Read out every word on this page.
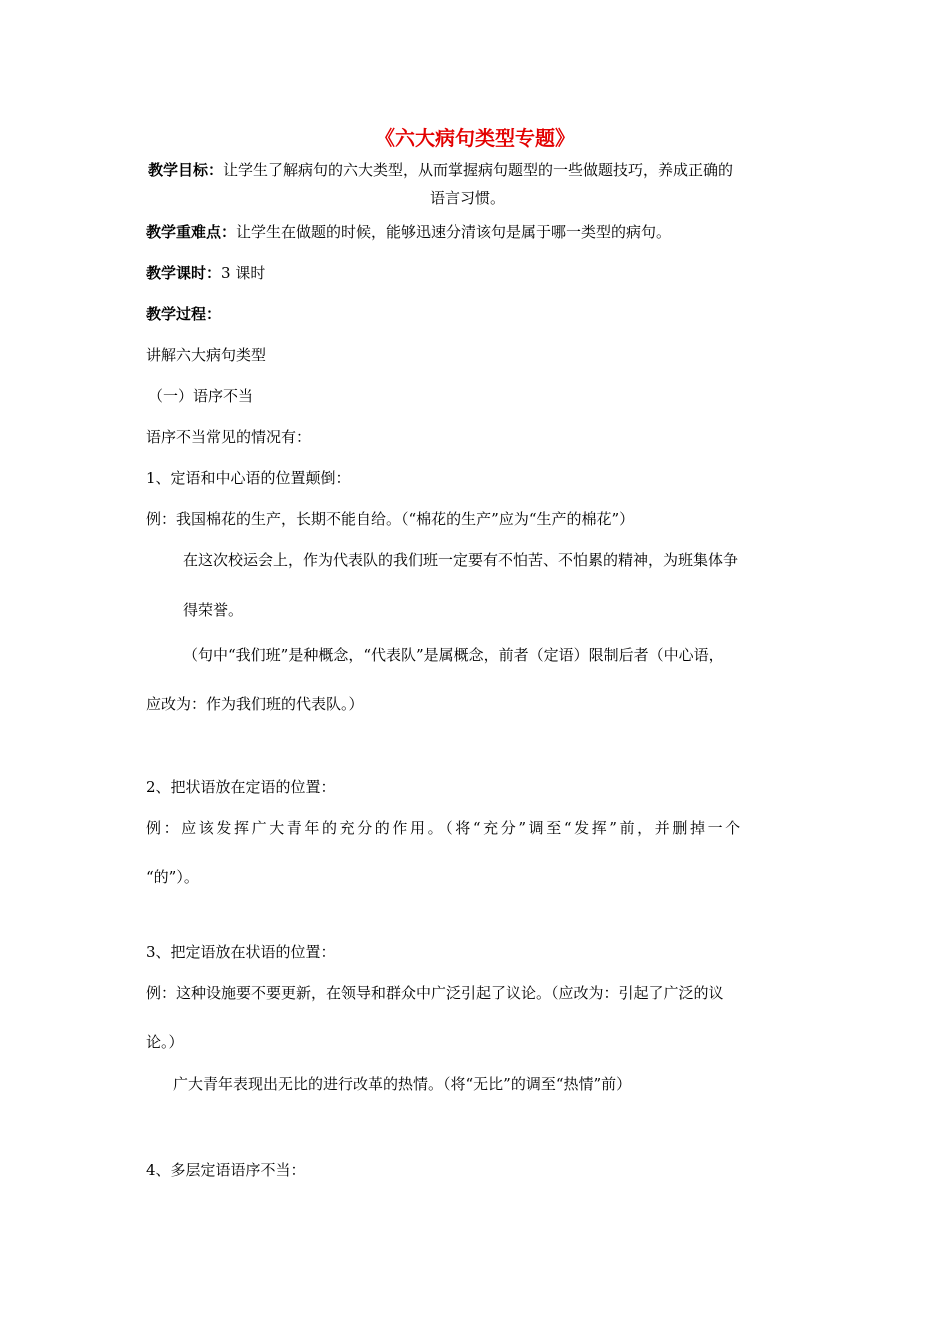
《六大病句类型专题》
教学目标：让学生了解病句的六大类型，从而掌握病句题型的一些做题技巧，养成正确的
语言习惯。
教学重难点：让学生在做题的时候，能够迅速分清该句是属于哪一类型的病句。
教学课时：3 课时
教学过程：
讲解六大病句类型
（一）语序不当
语序不当常见的情况有：
1、定语和中心语的位置颠倒：
例：我国棉花的生产，长期不能自给。（“棉花的生产”应为“生产的棉花”）
在这次校运会上，作为代表队的我们班一定要有不怕苦、不怕累的精神，为班集体争
得荣誉。
（句中“我们班”是种概念，“代表队”是属概念，前者（定语）限制后者（中心语，
应改为：作为我们班的代表队。）
2、把状语放在定语的位置：
例：应该发挥广大青年的充分的作用。（将“充分”调至“发挥”前，并删掉一个
“的”）。
3、把定语放在状语的位置：
例：这种设施要不要更新，在领导和群众中广泛引起了议论。（应改为：引起了广泛的议
论。）
广大青年表现出无比的进行改革的热情。（将“无比”的调至“热情”前）
4、多层定语语序不当：
